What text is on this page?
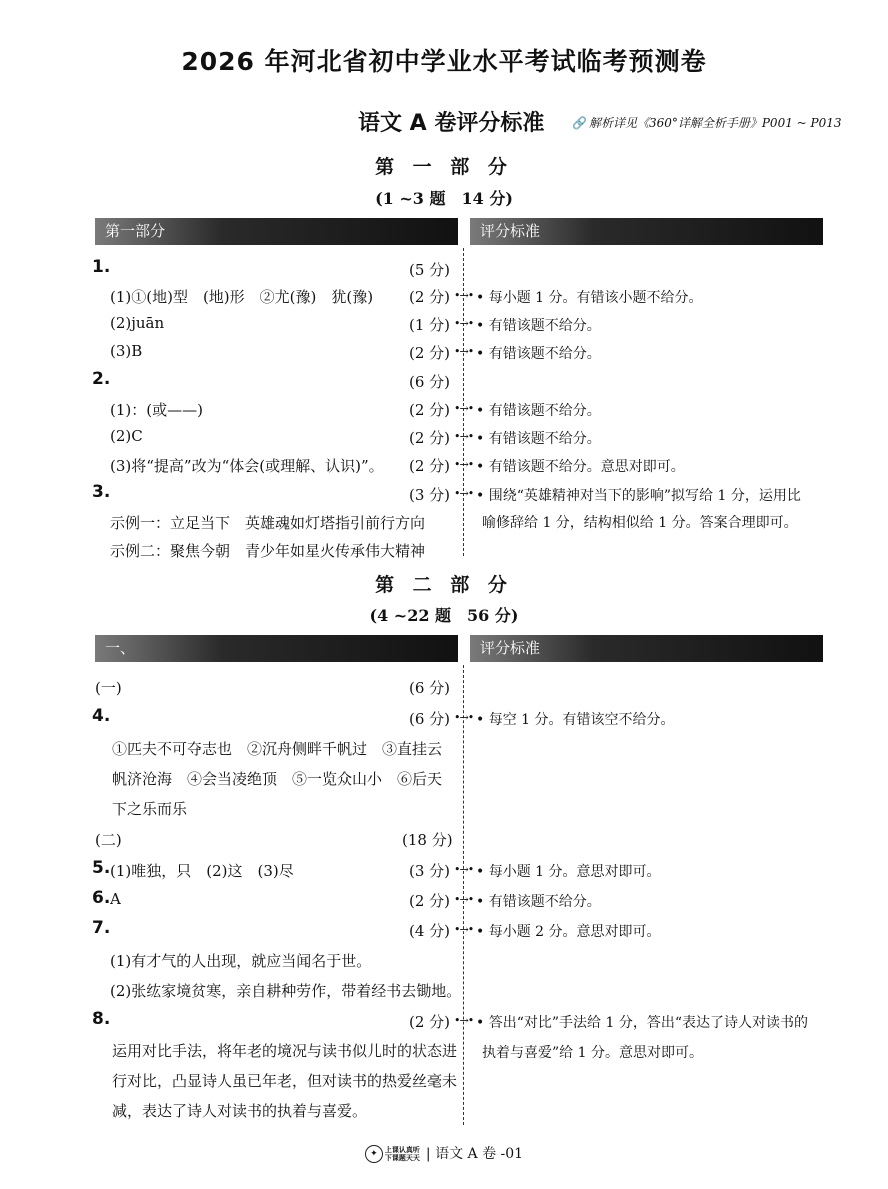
2026 年河北省初中学业水平考试临考预测卷
语文 A 卷评分标准 🔗 解析详见《360°详解全析手册》P001 ~ P013
第 一 部 分
(1 ~3 题　14 分)
第一部分	评分标准
1.	(5 分)
(1)①(地)型　(地)形　②尤(豫)　犹(豫) (2 分) •→• • 每小题 1 分。有错该小题不给分。
(2)juān	(1 分) •→• • 有错该题不给分。
(3)B	(2 分) •→• • 有错该题不给分。
2.	(6 分)
(1)：(或——)	(2 分) •→• • 有错该题不给分。
(2)C	(2 分) •→• • 有错该题不给分。
(3)将“提高”改为“体会(或理解、认识)”。 (2 分) •→• • 有错该题不给分。意思对即可。
3.	(3 分) •→• • 围绕“英雄精神对当下的影响”拟写给 1 分，运用比
喻修辞给 1 分，结构相似给 1 分。答案合理即可。
示例一：立足当下　英雄魂如灯塔指引前行方向
示例二：聚焦今朝　青少年如星火传承伟大精神
第 二 部 分
(4 ~22 题　56 分)
一、	评分标准
(一)	(6 分)
4.	(6 分) •→• • 每空 1 分。有错该空不给分。
①匹夫不可夺志也　②沉舟侧畔千帆过　③直挂云
帆济沧海　④会当凌绝顶　⑤一览众山小　⑥后天
下之乐而乐
(二)	(18 分)
5. (1)唯独，只　(2)这　(3)尽	(3 分) •→• • 每小题 1 分。意思对即可。
6. A	(2 分) •→• • 有错该题不给分。
7.	(4 分) •→• • 每小题 2 分。意思对即可。
(1)有才气的人出现，就应当闻名于世。
(2)张纮家境贫寒，亲自耕种劳作，带着经书去锄地。
8.	(2 分) •→• • 答出“对比”手法给 1 分，答出“表达了诗人对读书的
执着与喜爱”给 1 分。意思对即可。
运用对比手法，将年老的境况与读书似儿时的状态进
行对比，凸显诗人虽已年老，但对读书的热爱丝毫未
减，表达了诗人对读书的执着与喜爱。
✦ 上课认真听
下课题天天 | 语文 A 卷 -01
